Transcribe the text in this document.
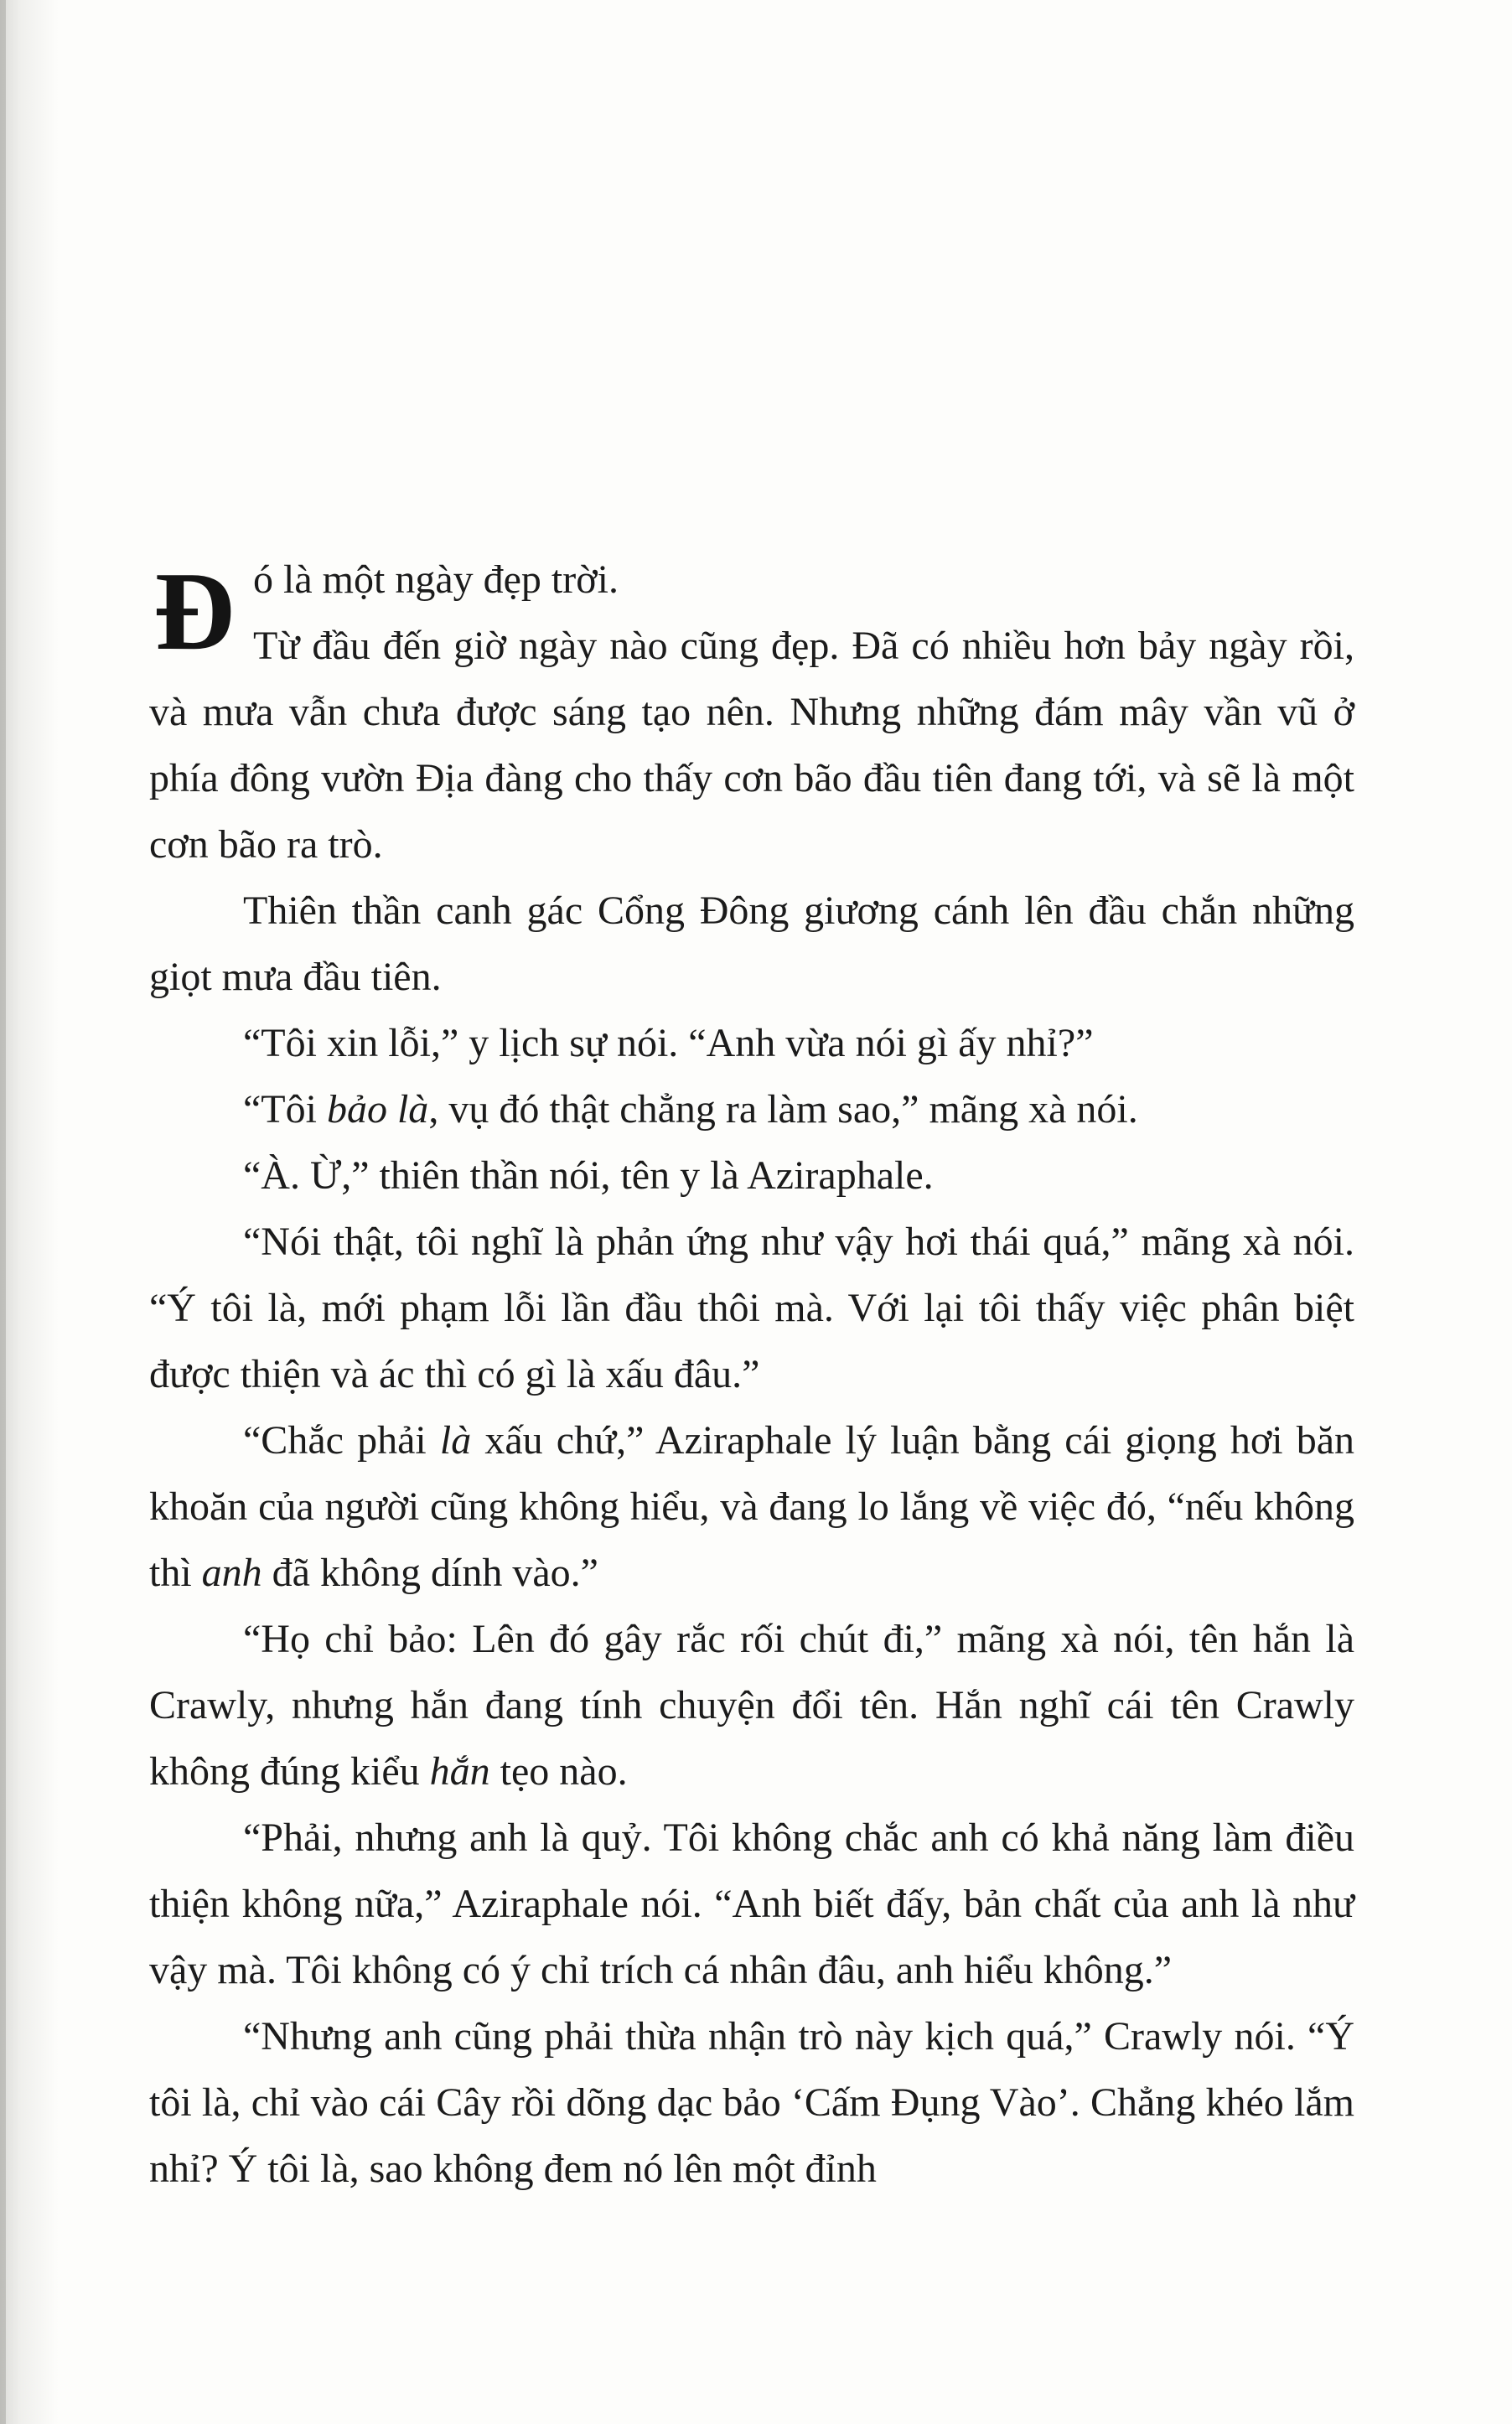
Đ ó là một ngày đẹp trời.

Từ đầu đến giờ ngày nào cũng đẹp. Đã có nhiều hơn bảy ngày rồi, và mưa vẫn chưa được sáng tạo nên. Nhưng những đám mây vần vũ ở phía đông vườn Địa đàng cho thấy cơn bão đầu tiên đang tới, và sẽ là một cơn bão ra trò.

Thiên thần canh gác Cổng Đông giương cánh lên đầu chắn những giọt mưa đầu tiên.

“Tôi xin lỗi,” y lịch sự nói. “Anh vừa nói gì ấy nhỉ?”

“Tôi bảo là, vụ đó thật chẳng ra làm sao,” mãng xà nói.

“À. Ừ,” thiên thần nói, tên y là Aziraphale.

“Nói thật, tôi nghĩ là phản ứng như vậy hơi thái quá,” mãng xà nói. “Ý tôi là, mới phạm lỗi lần đầu thôi mà. Với lại tôi thấy việc phân biệt được thiện và ác thì có gì là xấu đâu.”

“Chắc phải là xấu chứ,” Aziraphale lý luận bằng cái giọng hơi băn khoăn của người cũng không hiểu, và đang lo lắng về việc đó, “nếu không thì anh đã không dính vào.”

“Họ chỉ bảo: Lên đó gây rắc rối chút đi,” mãng xà nói, tên hắn là Crawly, nhưng hắn đang tính chuyện đổi tên. Hắn nghĩ cái tên Crawly không đúng kiểu hắn tẹo nào.

“Phải, nhưng anh là quỷ. Tôi không chắc anh có khả năng làm điều thiện không nữa,” Aziraphale nói. “Anh biết đấy, bản chất của anh là như vậy mà. Tôi không có ý chỉ trích cá nhân đâu, anh hiểu không.”

“Nhưng anh cũng phải thừa nhận trò này kịch quá,” Crawly nói. “Ý tôi là, chỉ vào cái Cây rồi dõng dạc bảo ‘Cấm Đụng Vào’. Chẳng khéo lắm nhỉ? Ý tôi là, sao không đem nó lên một đỉnh
